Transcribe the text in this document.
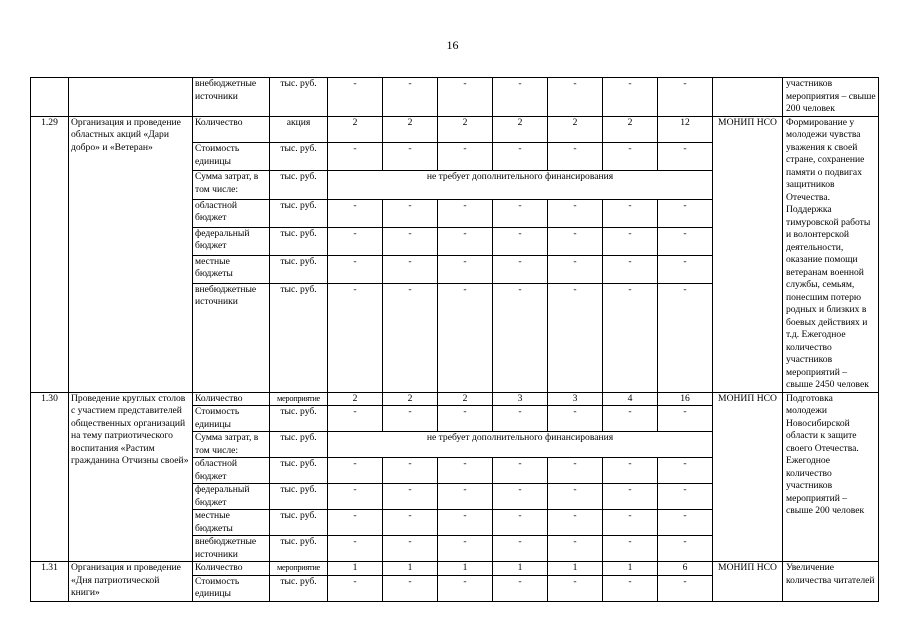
16
		внебюджетные источники	тыс. руб.	-	-	-	-	-	-	-		участников мероприятия – свыше 200 человек
1.29	Организация и проведение областных акций «Дари добро» и «Ветеран»	Количество	акция	2	2	2	2	2	2	12	МОНИП НСО	Формирование у молодежи чувства уважения к своей стране, сохранение памяти о подвигах защитников Отечества. Поддержка тимуровской работы и волонтерской деятельности, оказание помощи ветеранам военной службы, семьям, понесшим потерю родных и близких в боевых действиях и т.д. Ежегодное количество участников мероприятий – свыше 2450 человек
		Стоимость единицы	тыс. руб.	-	-	-	-	-	-	-		
		Сумма затрат, в том числе:	тыс. руб.	не требует дополнительного финансирования								
		областной бюджет	тыс. руб.	-	-	-	-	-	-	-		
		федеральный бюджет	тыс. руб.	-	-	-	-	-	-	-		
		местные бюджеты	тыс. руб.	-	-	-	-	-	-	-		
		внебюджетные источники	тыс. руб.	-	-	-	-	-	-	-		
1.30	Проведение круглых столов с участием представителей общественных организаций на тему патриотического воспитания «Растим гражданина Отчизны своей»	Количество	мероприятие	2	2	2	3	3	4	16	МОНИП НСО	Подготовка молодежи Новосибирской области к защите своего Отечества. Ежегодное количество участников мероприятий – свыше 200 человек
		Стоимость единицы	тыс. руб.	-	-	-	-	-	-	-		
		Сумма затрат, в том числе:	тыс. руб.	не требует дополнительного финансирования								
		областной бюджет	тыс. руб.	-	-	-	-	-	-	-		
		федеральный бюджет	тыс. руб.	-	-	-	-	-	-	-		
		местные бюджеты	тыс. руб.	-	-	-	-	-	-	-		
		внебюджетные источники	тыс. руб.	-	-	-	-	-	-	-		
1.31	Организация и проведение «Дня патриотической книги»	Количество	мероприятие	1	1	1	1	1	1	6	МОНИП НСО	Увеличение количества читателей
		Стоимость единицы	тыс. руб.	-	-	-	-	-	-	-		
